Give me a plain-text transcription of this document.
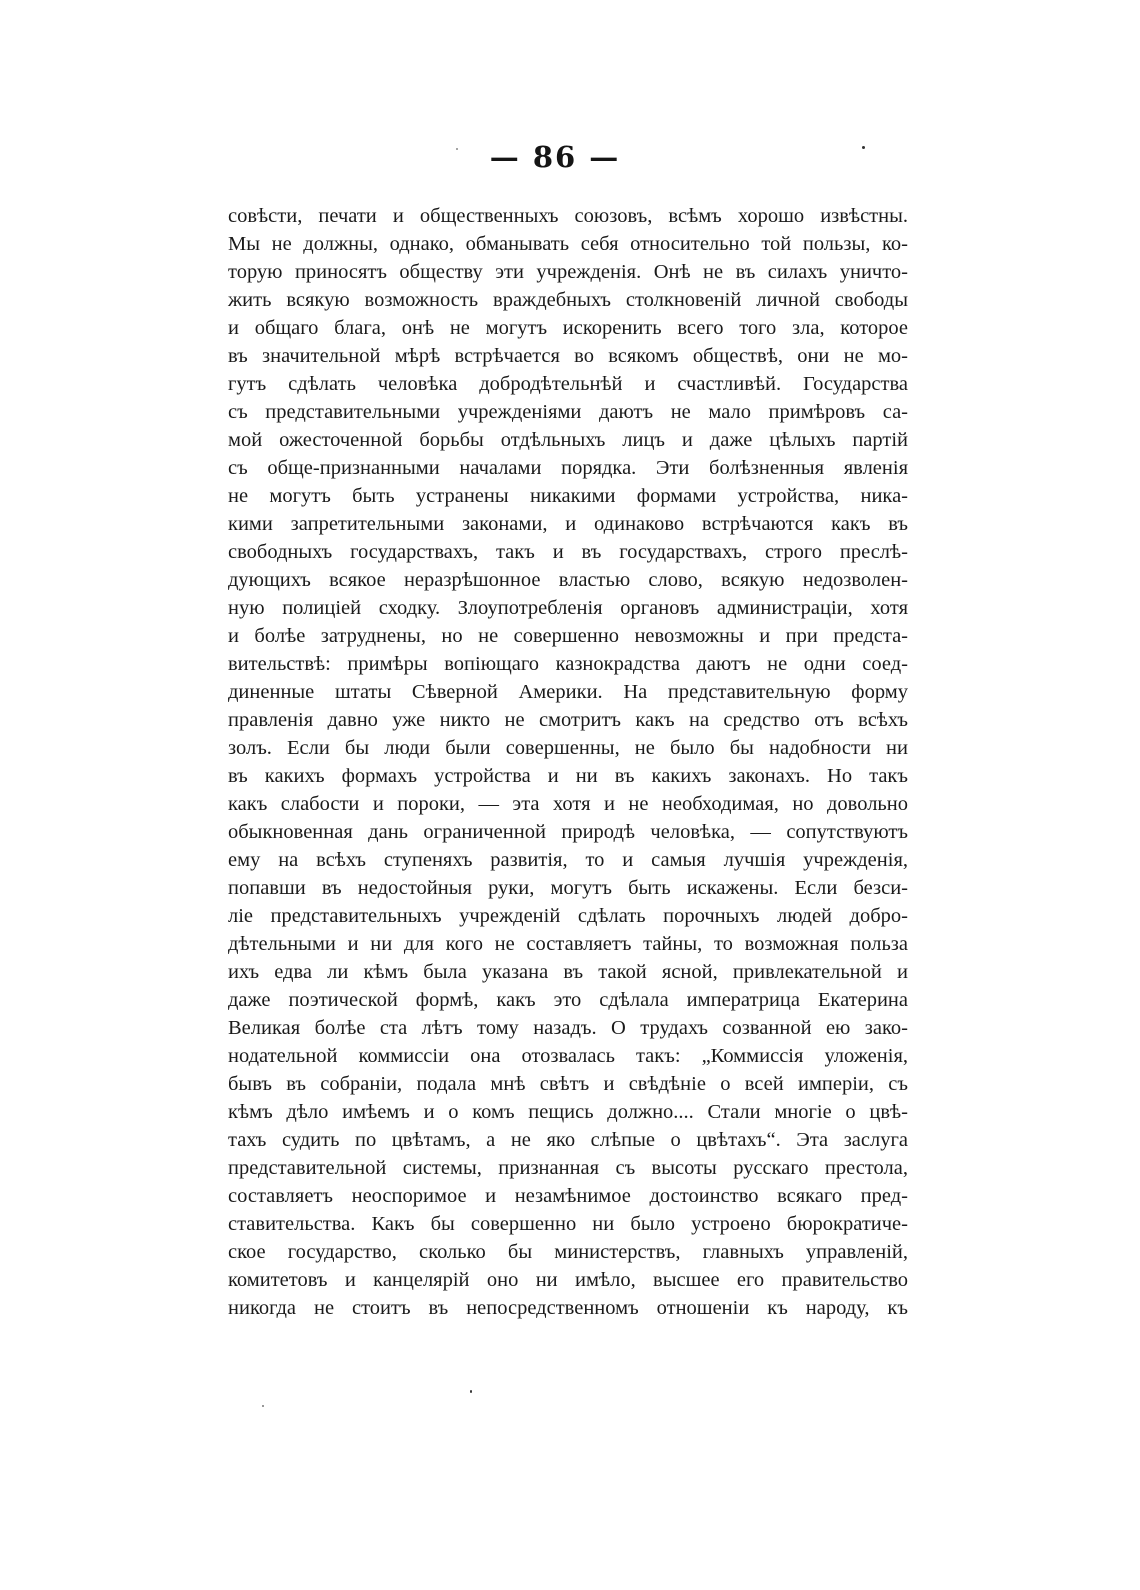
— 86 —
совѣсти, печати и общественныхъ союзовъ, всѣмъ хорошо извѣстны.
Мы не должны, однако, обманывать себя относительно той пользы, ко-
торую приносятъ обществу эти учрежденія. Онѣ не въ силахъ уничто-
жить всякую возможность враждебныхъ столкновеній личной свободы
и общаго блага, онѣ не могутъ искоренить всего того зла, которое
въ значительной мѣрѣ встрѣчается во всякомъ обществѣ, они не мо-
гутъ сдѣлать человѣка добродѣтельнѣй и счастливѣй. Государства
съ представительными учрежденіями даютъ не мало примѣровъ са-
мой ожесточенной борьбы отдѣльныхъ лицъ и даже цѣлыхъ партій
съ обще-признанными началами порядка. Эти болѣзненныя явленія
не могутъ быть устранены никакими формами устройства, ника-
кими запретительными законами, и одинаково встрѣчаются какъ въ
свободныхъ государствахъ, такъ и въ государствахъ, строго преслѣ-
дующихъ всякое неразрѣшонное властью слово, всякую недозволен-
ную полиціей сходку. Злоупотребленія органовъ администраціи, хотя
и болѣе затруднены, но не совершенно невозможны и при предста-
вительствѣ: примѣры вопіющаго казнокрадства даютъ не одни соед-
диненные штаты Сѣверной Америки. На представительную форму
правленія давно уже никто не смотритъ какъ на средство отъ всѣхъ
золъ. Если бы люди были совершенны, не было бы надобности ни
въ какихъ формахъ устройства и ни въ какихъ законахъ. Но такъ
какъ слабости и пороки, — эта хотя и не необходимая, но довольно
обыкновенная дань ограниченной природѣ человѣка, — сопутствуютъ
ему на всѣхъ ступеняхъ развитія, то и самыя лучшія учрежденія,
попавши въ недостойныя руки, могутъ быть искажены. Если безси-
ліе представительныхъ учрежденій сдѣлать порочныхъ людей добро-
дѣтельными и ни для кого не составляетъ тайны, то возможная польза
ихъ едва ли кѣмъ была указана въ такой ясной, привлекательной и
даже поэтической формѣ, какъ это сдѣлала императрица Екатерина
Великая болѣе ста лѣтъ тому назадъ. О трудахъ созванной ею зако-
нодательной коммиссіи она отозвалась такъ: „Коммиссія уложенія,
бывъ въ собраніи, подала мнѣ свѣтъ и свѣдѣніе о всей имперіи, съ
кѣмъ дѣло имѣемъ и о комъ пещись должно.... Стали многіе о цвѣ-
тахъ судить по цвѣтамъ, а не яко слѣпые о цвѣтахъ“. Эта заслуга
представительной системы, признанная съ высоты русскаго престола,
составляетъ неоспоримое и незамѣнимое достоинство всякаго пред-
ставительства. Какъ бы совершенно ни было устроено бюрократиче-
ское государство, сколько бы министерствъ, главныхъ управленій,
комитетовъ и канцелярій оно ни имѣло, высшее его правительство
никогда не стоитъ въ непосредственномъ отношеніи къ народу, къ
